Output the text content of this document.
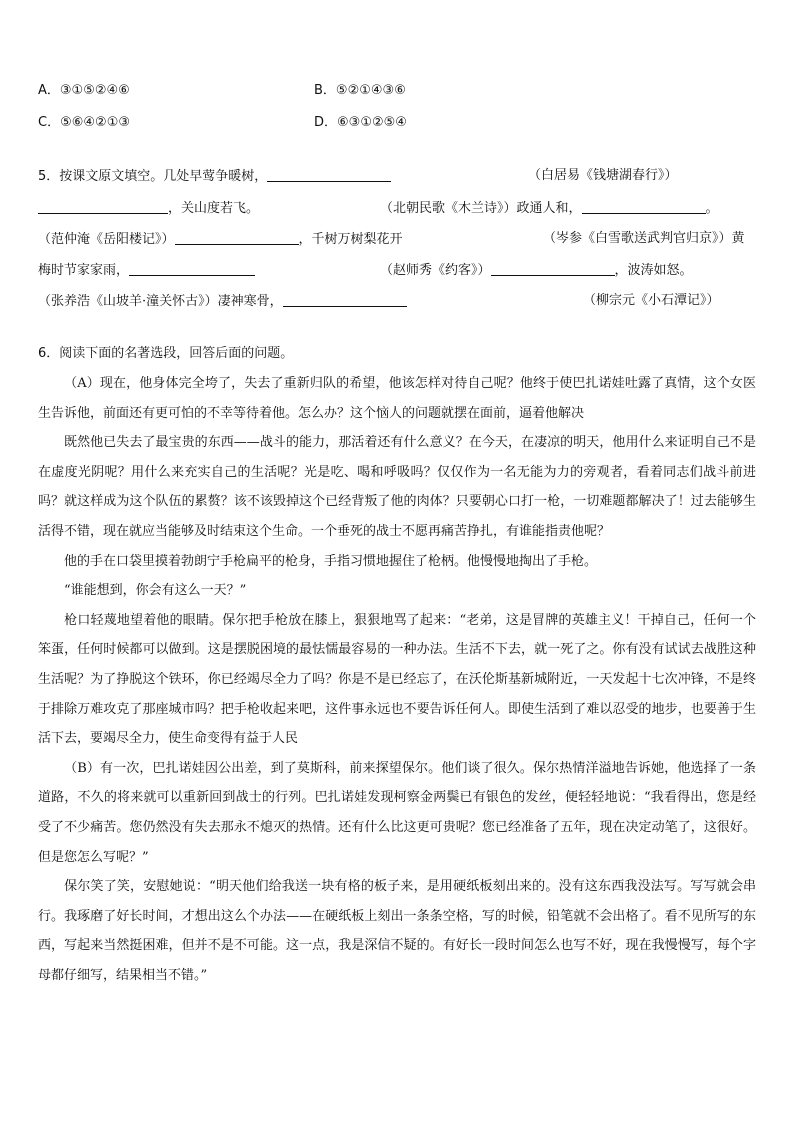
A．③①⑤②④⑥	B．⑤②①④③⑥
C．⑤⑥④②①③	D．⑥③①②⑤④
5．按课文原文填空。几处早莺争暖树，	（白居易《钱塘湖春行》）
，关山度若飞。	（北朝民歌《木兰诗》）政通人和，	。
（范仲淹《岳阳楼记》）	，千树万树梨花开	（岑参《白雪歌送武判官归京》）黄
梅时节家家雨，	（赵师秀《约客》）	，波涛如怒。
（张养浩《山坡羊·潼关怀古》）凄神寒骨，	（柳宗元《小石潭记》）
6．阅读下面的名著选段，回答后面的问题。
（A）现在，他身体完全垮了，失去了重新归队的希望，他该怎样对待自己呢？他终于使巴扎诺娃吐露了真情，这个女医生告诉他，前面还有更可怕的不幸等待着他。怎么办？这个恼人的问题就摆在面前，逼着他解决
既然他已失去了最宝贵的东西——战斗的能力，那活着还有什么意义？在今天，在凄凉的明天，他用什么来证明自己不是在虚度光阴呢？用什么来充实自己的生活呢？光是吃、喝和呼吸吗？仅仅作为一名无能为力的旁观者，看着同志们战斗前进吗？就这样成为这个队伍的累赘？该不该毁掉这个已经背叛了他的肉体？只要朝心口打一枪，一切难题都解决了！过去能够生活得不错，现在就应当能够及时结束这个生命。一个垂死的战士不愿再痛苦挣扎，有谁能指责他呢？
他的手在口袋里摸着勃朗宁手枪扁平的枪身，手指习惯地握住了枪柄。他慢慢地掏出了手枪。
“谁能想到，你会有这么一天？”
枪口轻蔑地望着他的眼睛。保尔把手枪放在膝上，狠狠地骂了起来：“老弟，这是冒牌的英雄主义！干掉自己，任何一个笨蛋，任何时候都可以做到。这是摆脱困境的最怯懦最容易的一种办法。生活不下去，就一死了之。你有没有试试去战胜这种生活呢？为了挣脱这个铁环，你已经竭尽全力了吗？你是不是已经忘了，在沃伦斯基新城附近，一天发起十七次冲锋，不是终于排除万难攻克了那座城市吗？把手枪收起来吧，这件事永远也不要告诉任何人。即使生活到了难以忍受的地步，也要善于生活下去，要竭尽全力，使生命变得有益于人民
（B）有一次，巴扎诺娃因公出差，到了莫斯科，前来探望保尔。他们谈了很久。保尔热情洋溢地告诉她，他选择了一条道路，不久的将来就可以重新回到战士的行列。巴扎诺娃发现柯察金两鬓已有银色的发丝，便轻轻地说：“我看得出，您是经受了不少痛苦。您仍然没有失去那永不熄灭的热情。还有什么比这更可贵呢？您已经准备了五年，现在决定动笔了，这很好。但是您怎么写呢？”
保尔笑了笑，安慰她说：“明天他们给我送一块有格的板子来，是用硬纸板刻出来的。没有这东西我没法写。写写就会串行。我琢磨了好长时间，才想出这么个办法——在硬纸板上刻出一条条空格，写的时候，铅笔就不会出格了。看不见所写的东西，写起来当然挺困难，但并不是不可能。这一点，我是深信不疑的。有好长一段时间怎么也写不好，现在我慢慢写，每个字母都仔细写，结果相当不错。”
